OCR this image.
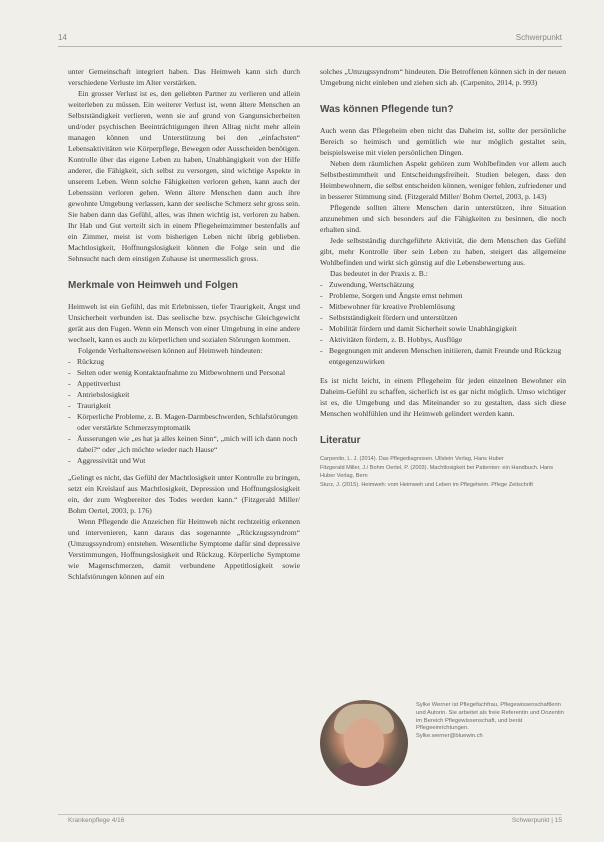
14	Schwerpunkt

unter Gemeinschaft integriert haben. Das Heimweh kann sich durch verschiedene Verluste im Alter verstärken.

Ein grosser Verlust ist es, den geliebten Partner zu verlieren und allein weiterleben zu müssen. Ein weiterer Verlust ist, wenn ältere Menschen an Selbstständigkeit verlieren, wenn sie auf grund von Gangunsicherheiten und/oder psychischen Beeinträchtigungen ihren Alltag nicht mehr allein managen können und Unterstützung bei den „einfachsten“ Lebensaktivitäten wie Körperpflege, Bewegen oder Ausscheiden benötigen. Kontrolle über das eigene Leben zu haben, Unabhängigkeit von der Hilfe anderer, die Fähigkeit, sich selbst zu versorgen, sind wichtige Aspekte in unserem Leben. Wenn solche Fähigkeiten verloren gehen, kann auch der Lebenssinn verloren gehen. Wenn ältere Menschen dann auch ihre gewohnte Umgebung verlassen, kann der seelische Schmerz sehr gross sein. Sie haben dann das Gefühl, alles, was ihnen wichtig ist, verloren zu haben. Ihr Hab und Gut verteilt sich in einem Pflegeheimzimmer bestenfalls auf ein Zimmer, meist ist vom bisherigen Leben nicht übrig geblieben. Machtlosigkeit, Hoffnungslosigkeit können die Folge sein und die Sehnsucht nach dem einstigen Zuhause ist unermesslich gross.

Merkmale von Heimweh und Folgen

Heimweh ist ein Gefühl, das mit Erlebnissen, tiefer Traurigkeit, Ängst und Unsicherheit verbunden ist. Das seelische bzw. psychische Gleichgewicht gerät aus den Fugen. Wenn ein Mensch von einer Umgebung in eine andere wechselt, kann es auch zu körperlichen und sozialen Störungen kommen.

Folgende Verhaltensweisen können auf Heimweh hindeuten:

- Rückzug
- Selten oder wenig Kontaktaufnahme zu Mitbewohnern und Personal
- Appetitverlust
- Antriebslosigkeit
- Traurigkeit
- Körperliche Probleme, z. B. Magen-Darmbeschwerden, Schlafstörungen oder verstärkte Schmerzsymptomatik
- Äusserungen wie „es hat ja alles keinen Sinn“, „mich will ich dann noch dabei?“ oder „ich möchte wieder nach Hause“
- Aggressivität und Wut

„Gelingt es nicht, das Gefühl der Machtlosigkeit unter Kontrolle zu bringen, setzt ein Kreislauf aus Machtlosigkeit, Depression und Hoffnungslosigkeit ein, der zum Wegbereiter des Todes werden kann.“ (Fitzgerald Miller/ Bohm Oertel, 2003, p. 176)

Wenn Pflegende die Anzeichen für Heimweh nicht rechtzeitig erkennen und intervenieren, kann daraus das sogenannte „Rückzugssyndrom“ (Umzugssyndrom) entstehen. Wesentliche Symptome dafür sind depressive Verstimmungen, Hoffnungslosigkeit und Rückzug. Körperliche Symptome wie Magenschmerzen, damit verbundene Appetitlosigkeit sowie Schlafstörungen können auf ein

solches „Umzugssyndrom“ hindeuten. Die Betroffenen können sich in der neuen Umgebung nicht einleben und ziehen sich ab. (Carpenito, 2014, p. 993)

Was können Pflegende tun?

Auch wenn das Pflegeheim eben nicht das Daheim ist, sollte der persönliche Bereich so heimisch und gemütlich wie nur möglich gestaltet sein, beispielsweise mit vielen persönlichen Dingen.

Neben dem räumlichen Aspekt gehören zum Wohlbefinden vor allem auch Selbstbestimmtheit und Entscheidungsfreiheit. Studien belegen, dass den Heimbewohnern, die selbst entscheiden können, weniger fehlen, zufriedener und in besserer Stimmung sind. (Fitzgerald Miller/ Bohm Oertel, 2003, p. 143)

Pflegende sollten ältere Menschen darin unterstützen, ihre Situation anzunehmen und sich besonders auf die Fähigkeiten zu besinnen, die noch erhalten sind.

Jede selbstständig durchgeführte Aktivität, die dem Menschen das Gefühl gibt, mehr Kontrolle über sein Leben zu haben, steigert das allgemeine Wohlbefinden und wirkt sich günstig auf die Lebensbewertung aus.

Das bedeutet in der Praxis z. B.:

- Zuwendung, Wertschätzung
- Probleme, Sorgen und Ängste ernst nehmen
- Mitbewohner für kreative Problemlösung
- Selbstständigkeit fördern und unterstützen
- Mobilität fördern und damit Sicherheit sowie Unabhängigkeit
- Aktivitäten fördern, z. B. Hobbys, Ausflüge
- Begegnungen mit anderen Menschen initiieren, damit Freunde und Rückzug entgegenzuwirken

Es ist nicht leicht, in einem Pflegeheim für jeden einzelnen Bewohner ein Daheim-Gefühl zu schaffen, sicherlich ist es gar nicht möglich. Umso wichtiger ist es, die Umgebung und das Miteinander so zu gestalten, dass sich diese Menschen wohlfühlen und ihr Heimweh gelindert werden kann.

Literatur

Carpenito, L. J. (2014). Das Pflegediagnosen. Ullstein Verlag, Hans Huber

Fitzgerald Miller, J./ Bohm Oertel, P. (2003). Machtlosigkeit bei Patienten: ein Handbuch. Hans Huber Verlag, Bern

Sturz, J. (2015). Heimweh: vom Heimweh und Leben im Pflegeheim. Pflege Zeitschrift

Sylke Werner ist Pflegefachfrau, Pflegewissenschaftlerin und Autorin. Sie arbeitet als freie Referentin und Dozentin im Bereich Pflegewissenschaft, und berät Pflegeeinrichtungen.
Sylke.werner@bluewin.ch
Krankenpflege 4/16	Schwerpunkt | 15
